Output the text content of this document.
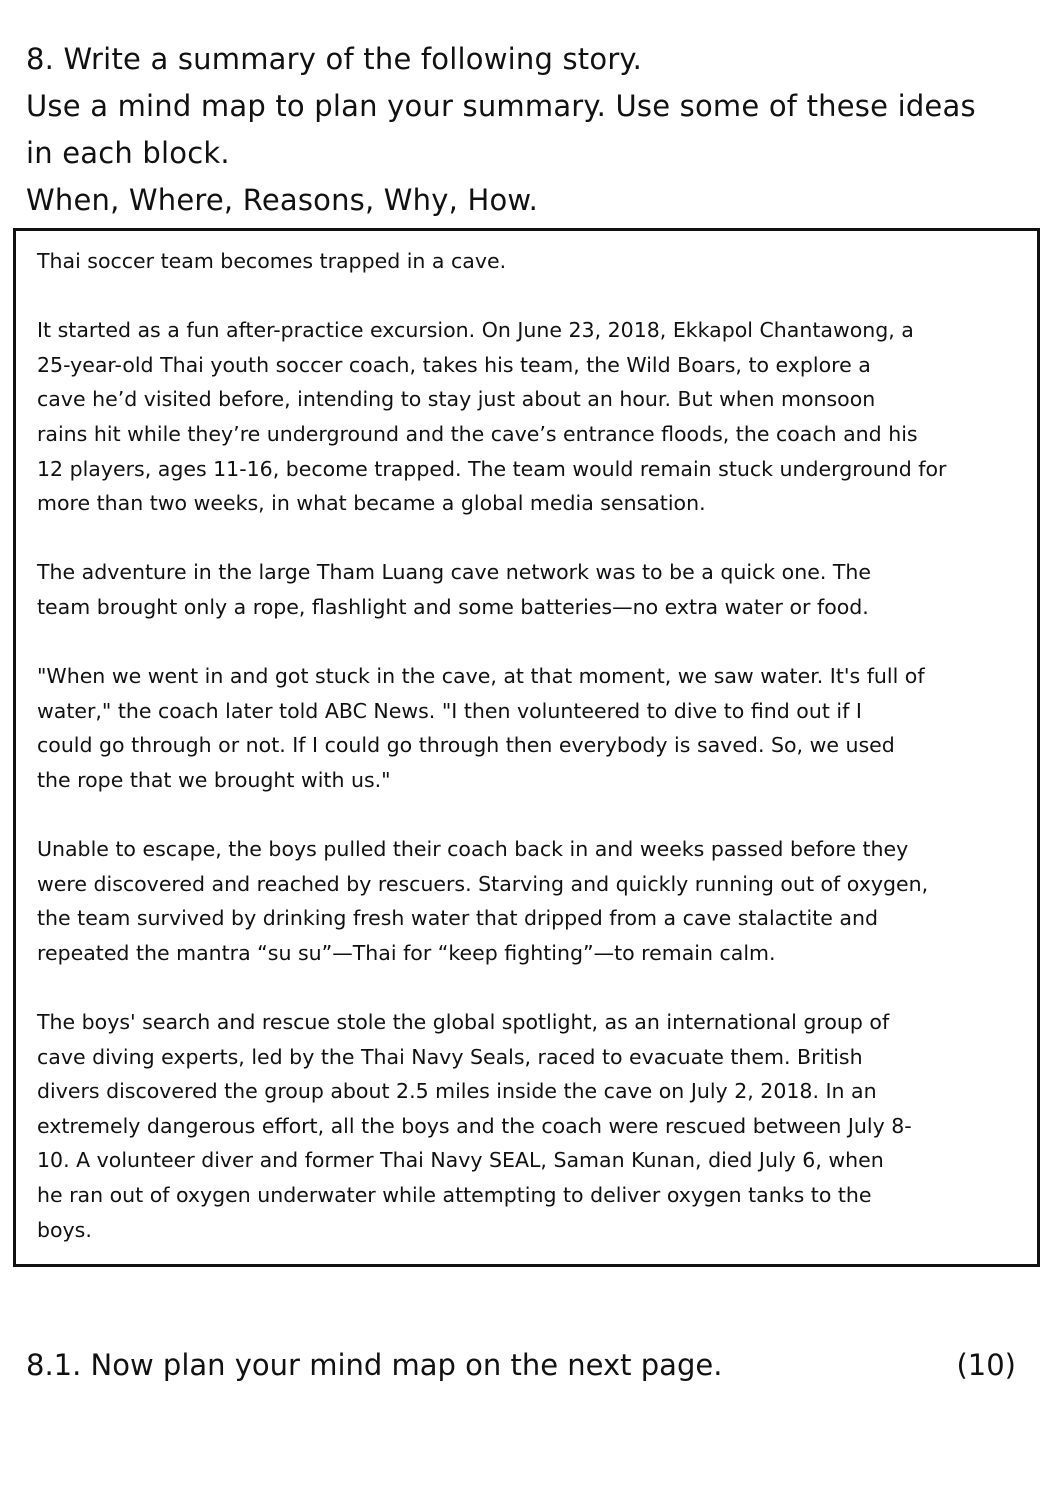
8. Write a summary of the following story.
Use a mind map to plan your summary. Use some of these ideas
in each block.
When, Where, Reasons, Why, How.

Thai soccer team becomes trapped in a cave.

It started as a fun after-practice excursion. On June 23, 2018, Ekkapol Chantawong, a
25-year-old Thai youth soccer coach, takes his team, the Wild Boars, to explore a
cave he’d visited before, intending to stay just about an hour. But when monsoon
rains hit while they’re underground and the cave’s entrance floods, the coach and his
12 players, ages 11-16, become trapped. The team would remain stuck underground for
more than two weeks, in what became a global media sensation.

The adventure in the large Tham Luang cave network was to be a quick one. The
team brought only a rope, flashlight and some batteries—no extra water or food.

"When we went in and got stuck in the cave, at that moment, we saw water. It's full of
water," the coach later told ABC News. "I then volunteered to dive to find out if I
could go through or not. If I could go through then everybody is saved. So, we used
the rope that we brought with us."

Unable to escape, the boys pulled their coach back in and weeks passed before they
were discovered and reached by rescuers. Starving and quickly running out of oxygen,
the team survived by drinking fresh water that dripped from a cave stalactite and
repeated the mantra “su su”—Thai for “keep fighting”—to remain calm.

The boys' search and rescue stole the global spotlight, as an international group of
cave diving experts, led by the Thai Navy Seals, raced to evacuate them. British
divers discovered the group about 2.5 miles inside the cave on July 2, 2018. In an
extremely dangerous effort, all the boys and the coach were rescued between July 8-
10. A volunteer diver and former Thai Navy SEAL, Saman Kunan, died July 6, when
he ran out of oxygen underwater while attempting to deliver oxygen tanks to the
boys.

8.1. Now plan your mind map on the next page.	(10)
